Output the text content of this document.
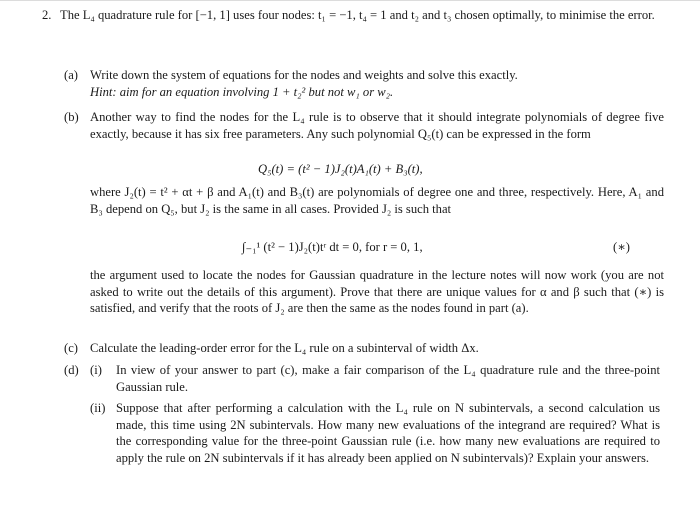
2. The L₄ quadrature rule for [−1, 1] uses four nodes: t₁ = −1, t₄ = 1 and t₂ and t₃ chosen optimally, to minimise the error.
(a) Write down the system of equations for the nodes and weights and solve this exactly.
Hint: aim for an equation involving 1 + t₂² but not w₁ or w₂.
(b) Another way to find the nodes for the L₄ rule is to observe that it should integrate polynomials of degree five exactly, because it has six free parameters. Any such polynomial Q₅(t) can be expressed in the form
Q₅(t) = (t² − 1)J₂(t)A₁(t) + B₃(t),
where J₂(t) = t² + αt + β and A₁(t) and B₃(t) are polynomials of degree one and three, respectively. Here, A₁ and B₃ depend on Q₅, but J₂ is the same in all cases. Provided J₂ is such that
∫₋₁¹ (t² − 1)J₂(t)tʳ dt = 0, for r = 0, 1,	(∗)
the argument used to locate the nodes for Gaussian quadrature in the lecture notes will now work (you are not asked to write out the details of this argument). Prove that there are unique values for α and β such that (∗) is satisfied, and verify that the roots of J₂ are then the same as the nodes found in part (a).
(c) Calculate the leading-order error for the L₄ rule on a subinterval of width Δx.
(d) (i) In view of your answer to part (c), make a fair comparison of the L₄ quadrature rule and the three-point Gaussian rule.
(ii) Suppose that after performing a calculation with the L₄ rule on N subintervals, a second calculation us made, this time using 2N subintervals. How many new evaluations of the integrand are required? What is the corresponding value for the three-point Gaussian rule (i.e. how many new evaluations are required to apply the rule on 2N subintervals if it has already been applied on N subintervals)? Explain your answers.
